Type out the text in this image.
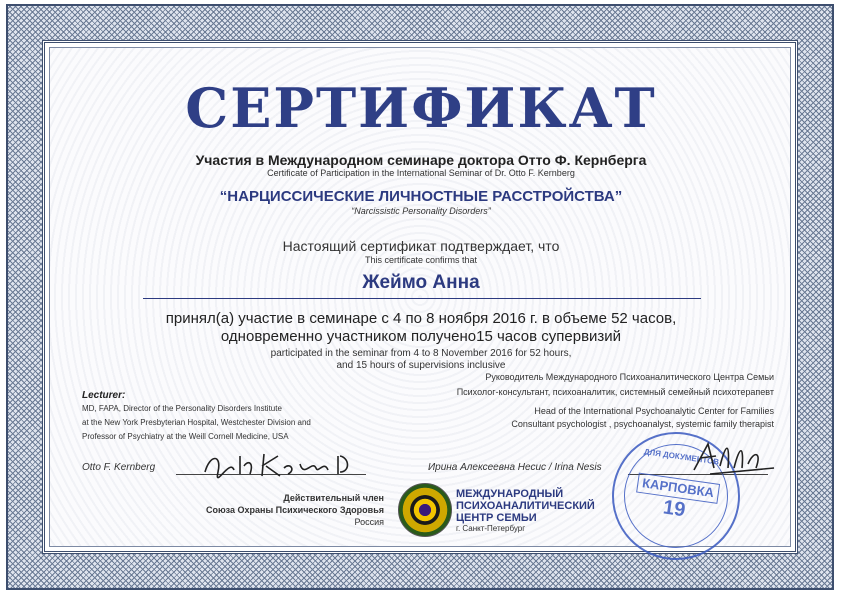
СЕРТИФИКАТ
Участия в Международном семинаре доктора Отто Ф. Кернберга
Certificate of Participation in the International Seminar of Dr. Otto F. Kernberg
“НАРЦИССИЧЕСКИЕ ЛИЧНОСТНЫЕ РАССТРОЙСТВА”
“Narcissistic Personality Disorders”
Настоящий сертификат подтверждает, что
This certificate confirms that
Жеймо Анна
принял(а) участие в семинаре с 4 по 8 ноября 2016 г. в объеме 52 часов,
одновременно участником получено15 часов супервизий
participated in the seminar from 4 to 8 November 2016 for 52 hours,
and 15 hours of supervisions inclusive
Lecturer:
MD, FAPA, Director of the Personality Disorders Institute
at the New York Presbyterian Hospital, Westchester Division and
Professor of Psychiatry at the Weill Cornell Medicine, USA
Otto F. Kernberg
Руководитель Международного Психоаналитического Центра Семьи
Психолог-консультант, психоаналитик, системный семейный психотерапевт
Head of the International Psychoanalytic Center for Families
Consultant psychologist , psychoanalyst, systemic family therapist
Ирина Алексеевна Несис / Irina Nesis
Действительный член
Союза Охраны Психического Здоровья
Россия
МЕЖДУНАРОДНЫЙ
ПСИХОАНАЛИТИЧЕСКИЙ
ЦЕНТР СЕМЬИ
г. Санкт-Петербург
ДЛЯ ДОКУМЕНТОВ
КАРПОВКА
19
